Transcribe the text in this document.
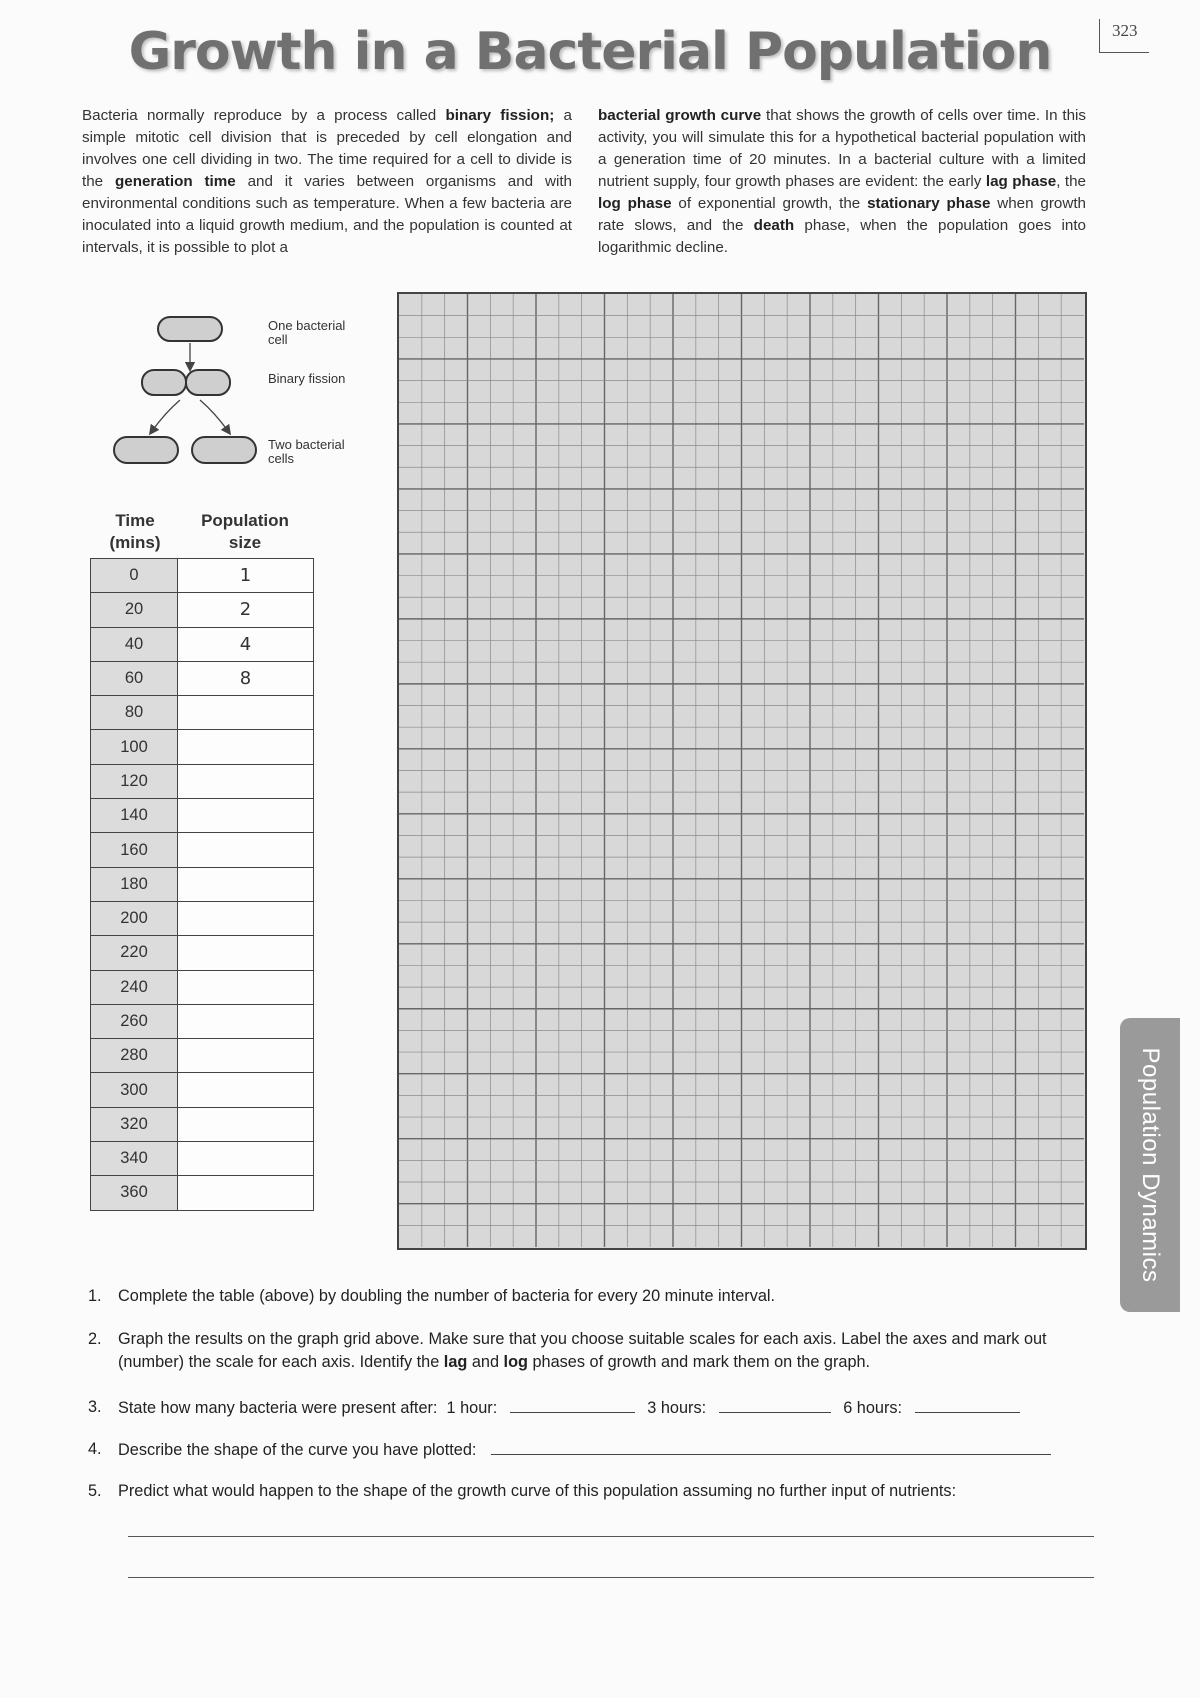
323
Growth in a Bacterial Population

Bacteria normally reproduce by a process called binary fission; a simple mitotic cell division that is preceded by cell elongation and involves one cell dividing in two. The time required for a cell to divide is the generation time and it varies between organisms and with environmental conditions such as temperature. When a few bacteria are inoculated into a liquid growth medium, and the population is counted at intervals, it is possible to plot a

bacterial growth curve that shows the growth of cells over time. In this activity, you will simulate this for a hypothetical bacterial population with a generation time of 20 minutes. In a bacterial culture with a limited nutrient supply, four growth phases are evident: the early lag phase, the log phase of exponential growth, the stationary phase when growth rate slows, and the death phase, when the population goes into logarithmic decline.

One bacterial cell
Binary fission
Two bacterial cells
Time (mins)
Population size
0	1
20	2
40	4
60	8
80	
100	
120	
140	
160	
180	
200	
220	
240	
260	
280	
300	
320	
340	
360		Population Dynamics
1. Complete the table (above) by doubling the number of bacteria for every 20 minute interval.
2. Graph the results on the graph grid above. Make sure that you choose suitable scales for each axis. Label the axes and mark out (number) the scale for each axis. Identify the lag and log phases of growth and mark them on the graph.
3. State how many bacteria were present after: 1 hour:	3 hours:	6 hours:
4. Describe the shape of the curve you have plotted:
5. Predict what would happen to the shape of the growth curve of this population assuming no further input of nutrients:
